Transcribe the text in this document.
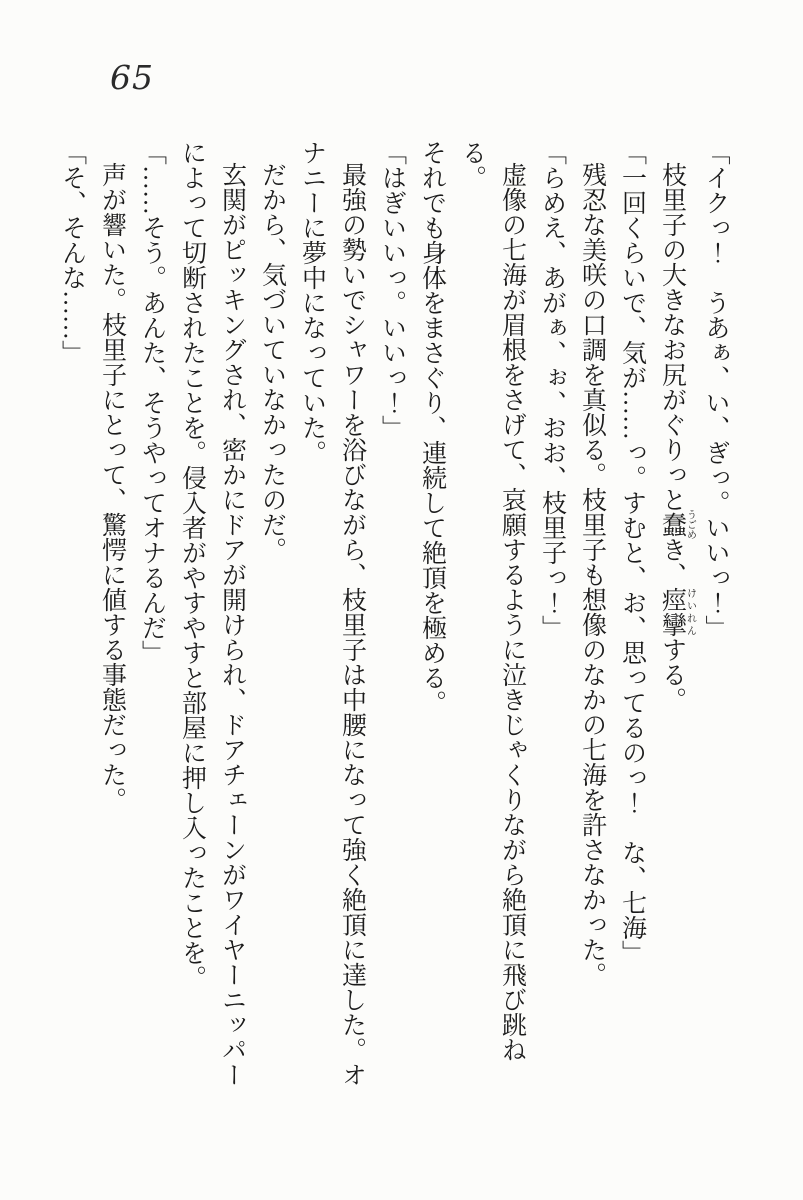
65

「イクっ！　うあぁ、い、ぎっ。いいっ！」

枝里子の大きなお尻がぐりっと蠢 うごめき、痙攣 けいれんする。

「一回くらいで、気が……っ。すむと、お、思ってるのっ！　な、七海」

残忍な美咲の口調を真似る。枝里子も想像のなかの七海を許さなかった。

「らめえ、あがぁ、ぉ、おお、枝里子っ！」

虚像の七海が眉根をさげて、哀願するように泣きじゃくりながら絶頂に飛び跳ねる。

それでも身体をまさぐり、連続して絶頂を極める。

「はぎいいっ。いいっ！」

最強の勢いでシャワーを浴びながら、枝里子は中腰になって強く絶頂に達した。オ

ナニーに夢中になっていた。

だから、気づいていなかったのだ。

玄関がピッキングされ、密かにドアが開けられ、ドアチェーンがワイヤーニッパー

によって切断されたことを。侵入者がやすやすと部屋に押し入ったことを。

「……そう。あんた、そうやってオナるんだ」

声が響いた。枝里子にとって、驚愕に値する事態だった。

「そ、そんな……」
